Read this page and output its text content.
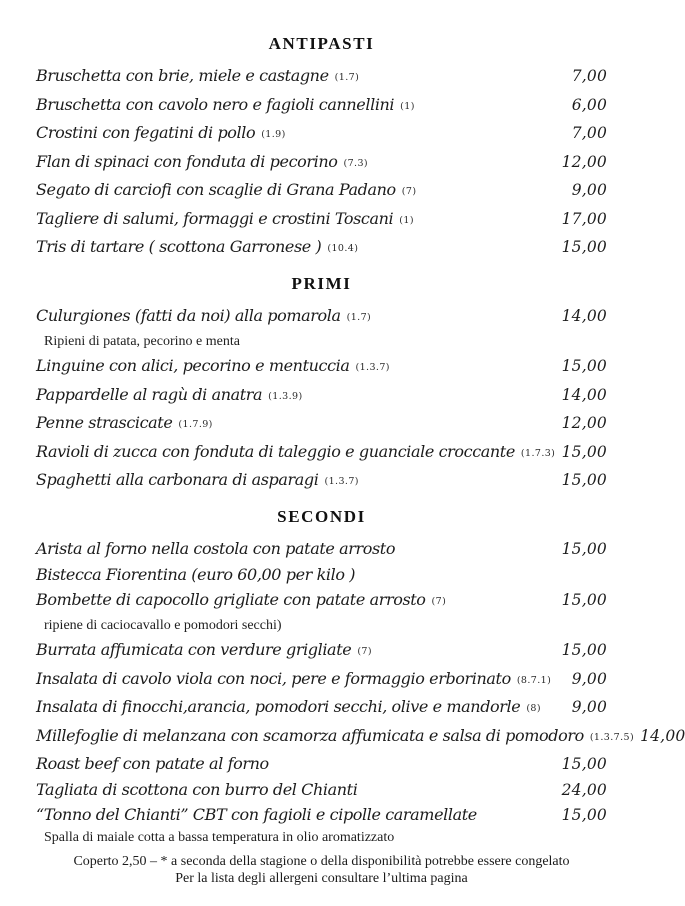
ANTIPASTI
Bruschetta con brie, miele e castagne (1.7)	7,00
Bruschetta con cavolo nero e fagioli cannellini (1)	6,00
Crostini con fegatini di pollo (1.9)	7,00
Flan di spinaci con fonduta di pecorino (7.3)	12,00
Segato di carciofi con scaglie di Grana Padano (7)	9,00
Tagliere di salumi, formaggi e crostini Toscani (1)	17,00
Tris di tartare ( scottona Garronese ) (10.4)	15,00
PRIMI
Culurgiones (fatti da noi) alla pomarola (1.7)	14,00
Ripieni di patata, pecorino e menta
Linguine con alici, pecorino e mentuccia (1.3.7)	15,00
Pappardelle al ragù di anatra (1.3.9)	14,00
Penne strascicate (1.7.9)	12,00
Ravioli di zucca con fonduta di taleggio e guanciale croccante (1.7.3) 15,00
Spaghetti alla carbonara di asparagi (1.3.7)	15,00
SECONDI
Arista al forno nella costola con patate arrosto	15,00
Bistecca Fiorentina (euro 60,00 per kilo )
Bombette di capocollo grigliate con patate arrosto (7)	15,00
ripiene di caciocavallo e pomodori secchi)
Burrata affumicata con verdure grigliate (7)	15,00
Insalata di cavolo viola con noci, pere e formaggio erborinato (8.7.1) 9,00
Insalata di finocchi,arancia, pomodori secchi, olive e mandorle (8) 9,00
Millefoglie di melanzana con scamorza affumicata e salsa di pomodoro (1.3.7.5) 14,00
Roast beef con patate al forno	15,00
Tagliata di scottona con burro del Chianti	24,00
“Tonno del Chianti” CBT con fagioli e cipolle caramellate	15,00
Spalla di maiale cotta a bassa temperatura in olio aromatizzato

Coperto 2,50 – * a seconda della stagione o della disponibilità potrebbe essere congelato

Per la lista degli allergeni consultare l’ultima pagina
